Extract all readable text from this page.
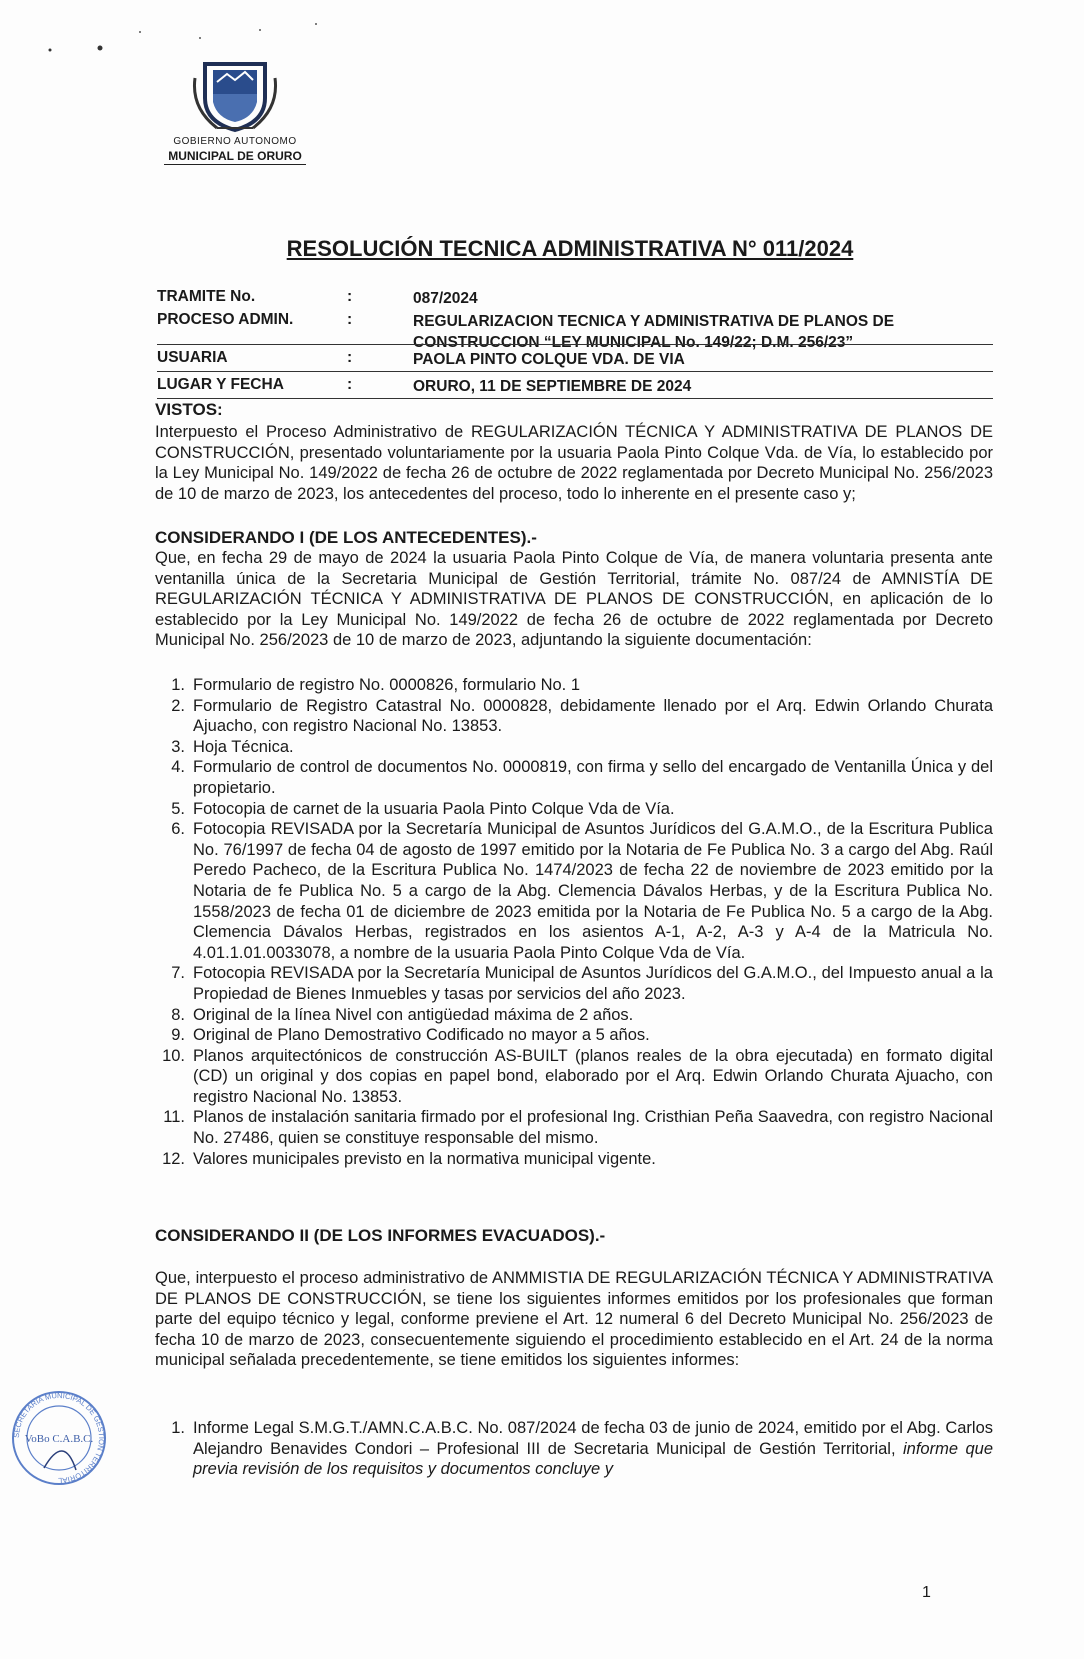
GOBIERNO AUTONOMO
MUNICIPAL DE ORURO
RESOLUCIÓN TECNICA ADMINISTRATIVA N° 011/2024
TRAMITE No.	:	087/2024
PROCESO ADMIN.	:	REGULARIZACION TECNICA Y ADMINISTRATIVA DE PLANOS DE CONSTRUCCION “LEY MUNICIPAL No. 149/22; D.M. 256/23”
USUARIA	:	PAOLA PINTO COLQUE VDA. DE VIA
LUGAR Y FECHA	:	ORURO, 11 DE SEPTIEMBRE DE 2024
VISTOS:
Interpuesto el Proceso Administrativo de REGULARIZACIÓN TÉCNICA Y ADMINISTRATIVA DE PLANOS DE CONSTRUCCIÓN, presentado voluntariamente por la usuaria Paola Pinto Colque Vda. de Vía, lo establecido por la Ley Municipal No. 149/2022 de fecha 26 de octubre de 2022 reglamentada por Decreto Municipal No. 256/2023 de 10 de marzo de 2023, los antecedentes del proceso, todo lo inherente en el presente caso y;
CONSIDERANDO I (DE LOS ANTECEDENTES).-
Que, en fecha 29 de mayo de 2024 la usuaria Paola Pinto Colque de Vía, de manera voluntaria presenta ante ventanilla única de la Secretaria Municipal de Gestión Territorial, trámite No. 087/24 de AMNISTÍA DE REGULARIZACIÓN TÉCNICA Y ADMINISTRATIVA DE PLANOS DE CONSTRUCCIÓN, en aplicación de lo establecido por la Ley Municipal No. 149/2022 de fecha 26 de octubre de 2022 reglamentada por Decreto Municipal No. 256/2023 de 10 de marzo de 2023, adjuntando la siguiente documentación:
1. Formulario de registro No. 0000826, formulario No. 1
2. Formulario de Registro Catastral No. 0000828, debidamente llenado por el Arq. Edwin Orlando Churata Ajuacho, con registro Nacional No. 13853.
3. Hoja Técnica.
4. Formulario de control de documentos No. 0000819, con firma y sello del encargado de Ventanilla Única y del propietario.
5. Fotocopia de carnet de la usuaria Paola Pinto Colque Vda de Vía.
6. Fotocopia REVISADA por la Secretaría Municipal de Asuntos Jurídicos del G.A.M.O., de la Escritura Publica No. 76/1997 de fecha 04 de agosto de 1997 emitido por la Notaria de Fe Publica No. 3 a cargo del Abg. Raúl Peredo Pacheco, de la Escritura Publica No. 1474/2023 de fecha 22 de noviembre de 2023 emitido por la Notaria de fe Publica No. 5 a cargo de la Abg. Clemencia Dávalos Herbas, y de la Escritura Publica No. 1558/2023 de fecha 01 de diciembre de 2023 emitida por la Notaria de Fe Publica No. 5 a cargo de la Abg. Clemencia Dávalos Herbas, registrados en los asientos A-1, A-2, A-3 y A-4 de la Matricula No. 4.01.1.01.0033078, a nombre de la usuaria Paola Pinto Colque Vda de Vía.
7. Fotocopia REVISADA por la Secretaría Municipal de Asuntos Jurídicos del G.A.M.O., del Impuesto anual a la Propiedad de Bienes Inmuebles y tasas por servicios del año 2023.
8. Original de la línea Nivel con antigüedad máxima de 2 años.
9. Original de Plano Demostrativo Codificado no mayor a 5 años.
10. Planos arquitectónicos de construcción AS-BUILT (planos reales de la obra ejecutada) en formato digital (CD) un original y dos copias en papel bond, elaborado por el Arq. Edwin Orlando Churata Ajuacho, con registro Nacional No. 13853.
11. Planos de instalación sanitaria firmado por el profesional Ing. Cristhian Peña Saavedra, con registro Nacional No. 27486, quien se constituye responsable del mismo.
12. Valores municipales previsto en la normativa municipal vigente.
CONSIDERANDO II (DE LOS INFORMES EVACUADOS).-
Que, interpuesto el proceso administrativo de ANMMISTIA DE REGULARIZACIÓN TÉCNICA Y ADMINISTRATIVA DE PLANOS DE CONSTRUCCIÓN, se tiene los siguientes informes emitidos por los profesionales que forman parte del equipo técnico y legal, conforme previene el Art. 12 numeral 6 del Decreto Municipal No. 256/2023 de fecha 10 de marzo de 2023, consecuentemente siguiendo el procedimiento establecido en el Art. 24 de la norma municipal señalada precedentemente, se tiene emitidos los siguientes informes:
1. Informe Legal S.M.G.T./AMN.C.A.B.C. No. 087/2024 de fecha 03 de junio de 2024, emitido por el Abg. Carlos Alejandro Benavides Condori – Profesional III de Secretaria Municipal de Gestión Territorial, informe que previa revisión de los requisitos y documentos concluye y
SECRETARIA MUNICIPAL DE GESTION TERRITORIAL
VoBo C.A.B.C.
1
